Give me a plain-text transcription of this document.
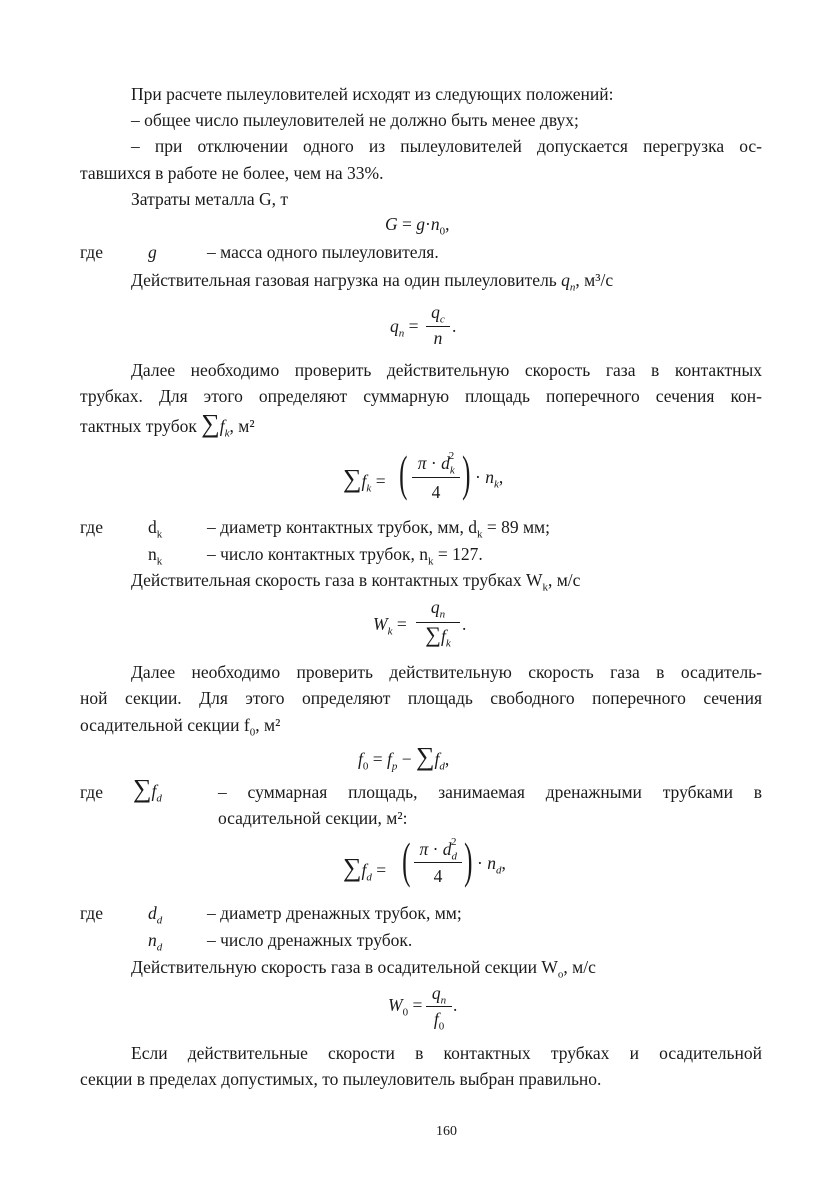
При расчете пылеуловителей исходят из следующих положений:
– общее число пылеуловителей не должно быть менее двух;
– при отключении одного из пылеуловителей допускается перегрузка ос-
тавшихся в работе не более, чем на 33%.
Затраты металла G, т
$G = g\cdot n_0$,
где	g	– масса одного пылеуловителя.
Действительная газовая нагрузка на один пылеуловитель $q_n$, м³/с
$q_n$ =
$q_c$
n
.
Далее необходимо проверить действительную скорость газа в контактных
трубках. Для этого определяют суммарную площадь поперечного сечения кон-
тактных трубок $\sum f_k$, м²
$\sum f_k$ = ( $\pi \cdot d_k^2$
4 ) · $n_k$,
где	$d_k$	– диаметр контактных трубок, мм, $d_k = 89$ мм;
$n_k$	– число контактных трубок, $n_k = 127$.
Действительная скорость газа в контактных трубках $W_k$, м/с
$W_k$ =
$q_n$
$\sum f_k$
.
Далее необходимо проверить действительную скорость газа в осадитель-
ной секции. Для этого определяют площадь свободного поперечного сечения
осадительной секции $f_0$, м²
$f_0 = f_p - \sum f_d$,
где $\sum f_d$	– суммарная площадь, занимаемая дренажными трубками в
осадительной секции, м²:
$\sum f_d$ = ( $\pi \cdot d_d^2$
4 ) · $n_d$,
где	$d_d$	– диаметр дренажных трубок, мм;
$n_d$	– число дренажных трубок.
Действительную скорость газа в осадительной секции $W_o$, м/с
$W_0$ =
$q_n$
$f_0$
.
Если действительные скорости в контактных трубках и осадительной
секции в пределах допустимых, то пылеуловитель выбран правильно.
160
